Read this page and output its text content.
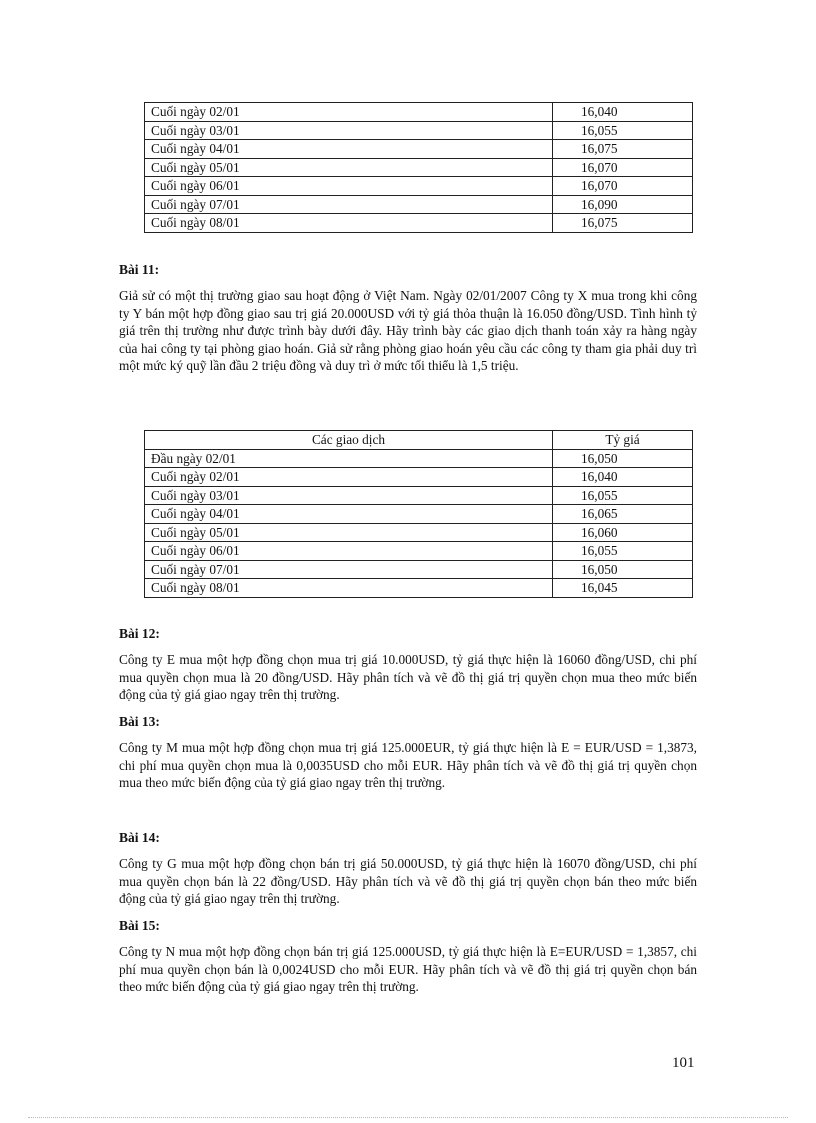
Cuối ngày 02/01	16,040
Cuối ngày 03/01	16,055
Cuối ngày 04/01	16,075
Cuối ngày 05/01	16,070
Cuối ngày 06/01	16,070
Cuối ngày 07/01	16,090
Cuối ngày 08/01	16,075
Bài 11:
Giả sử có một thị trường giao sau hoạt động ở Việt Nam. Ngày 02/01/2007 Công ty X mua trong khi công ty Y bán một hợp đồng giao sau trị giá 20.000USD với tỷ giá thỏa thuận là 16.050 đồng/USD. Tình hình tỷ giá trên thị trường như được trình bày dưới đây. Hãy trình bày các giao dịch thanh toán xảy ra hàng ngày của hai công ty tại phòng giao hoán. Giả sử rằng phòng giao hoán yêu cầu các công ty tham gia phải duy trì một mức ký quỹ lần đầu 2 triệu đồng và duy trì ở mức tối thiểu là 1,5 triệu.
Các giao dịch	Tỷ giá
Đầu ngày 02/01	16,050
Cuối ngày 02/01	16,040
Cuối ngày 03/01	16,055
Cuối ngày 04/01	16,065
Cuối ngày 05/01	16,060
Cuối ngày 06/01	16,055
Cuối ngày 07/01	16,050
Cuối ngày 08/01	16,045
Bài 12:
Công ty E mua một hợp đồng chọn mua trị giá 10.000USD, tỷ giá thực hiện là 16060 đồng/USD, chi phí mua quyền chọn mua là 20 đồng/USD. Hãy phân tích và vẽ đồ thị giá trị quyền chọn mua theo mức biến động của tỷ giá giao ngay trên thị trường.
Bài 13:
Công ty M mua một hợp đồng chọn mua trị giá 125.000EUR, tỷ giá thực hiện là E = EUR/USD = 1,3873, chi phí mua quyền chọn mua là 0,0035USD cho mỗi EUR. Hãy phân tích và vẽ đồ thị giá trị quyền chọn mua theo mức biến động của tỷ giá giao ngay trên thị trường.
Bài 14:
Công ty G mua một hợp đồng chọn bán trị giá 50.000USD, tỷ giá thực hiện là 16070 đồng/USD, chi phí mua quyền chọn bán là 22 đồng/USD. Hãy phân tích và vẽ đồ thị giá trị quyền chọn bán theo mức biến động của tỷ giá giao ngay trên thị trường.
Bài 15:
Công ty N mua một hợp đồng chọn bán trị giá 125.000USD, tỷ giá thực hiện là E=EUR/USD = 1,3857, chi phí mua quyền chọn bán là 0,0024USD cho mỗi EUR. Hãy phân tích và vẽ đồ thị giá trị quyền chọn bán theo mức biến động của tỷ giá giao ngay trên thị trường.
101
